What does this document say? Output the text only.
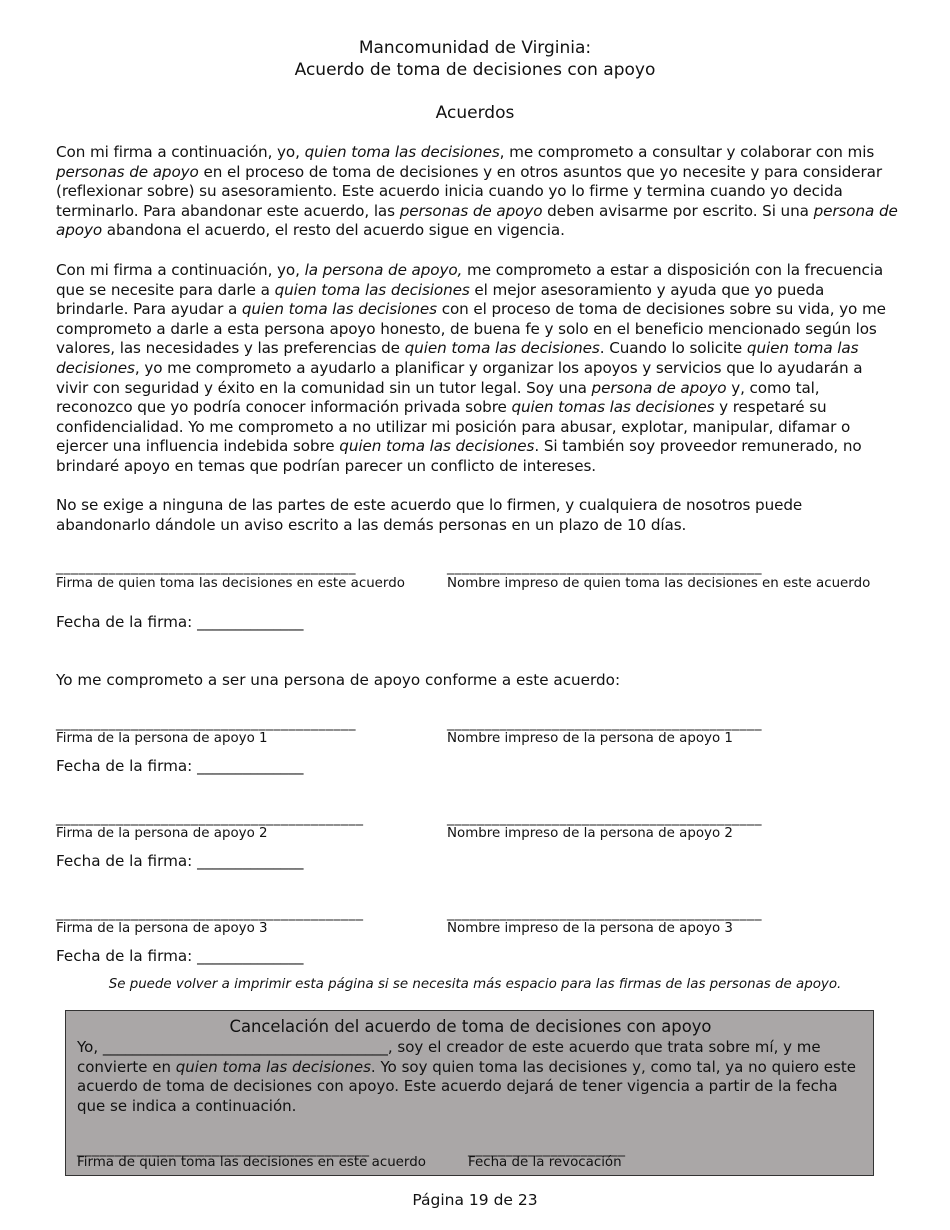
Mancomunidad de Virginia:
Acuerdo de toma de decisiones con apoyo
Acuerdos

Con mi firma a continuación, yo, quien toma las decisiones, me comprometo a consultar y colaborar con mis personas de apoyo en el proceso de toma de decisiones y en otros asuntos que yo necesite y para considerar (reflexionar sobre) su asesoramiento. Este acuerdo inicia cuando yo lo firme y termina cuando yo decida terminarlo. Para abandonar este acuerdo, las personas de apoyo deben avisarme por escrito. Si una persona de apoyo abandona el acuerdo, el resto del acuerdo sigue en vigencia.

Con mi firma a continuación, yo, la persona de apoyo, me comprometo a estar a disposición con la frecuencia que se necesite para darle a quien toma las decisiones el mejor asesoramiento y ayuda que yo pueda brindarle. Para ayudar a quien toma las decisiones con el proceso de toma de decisiones sobre su vida, yo me comprometo a darle a esta persona apoyo honesto, de buena fe y solo en el beneficio mencionado según los valores, las necesidades y las preferencias de quien toma las decisiones. Cuando lo solicite quien toma las decisiones, yo me comprometo a ayudarlo a planificar y organizar los apoyos y servicios que lo ayudarán a vivir con seguridad y éxito en la comunidad sin un tutor legal. Soy una persona de apoyo y, como tal, reconozco que yo podría conocer información privada sobre quien tomas las decisiones y respetaré su confidencialidad. Yo me comprometo a no utilizar mi posición para abusar, explotar, manipular, difamar o ejercer una influencia indebida sobre quien toma las decisiones. Si también soy proveedor remunerado, no brindaré apoyo en temas que podrían parecer un conflicto de intereses.

No se exige a ninguna de las partes de este acuerdo que lo firmen, y cualquiera de nosotros puede abandonarlo dándole un aviso escrito a las demás personas en un plazo de 10 días.

________________________________________	__________________________________________
Firma de quien toma las decisiones en este acuerdo	Nombre impreso de quien toma las decisiones en este acuerdo
Fecha de la firma: ______________
Yo me comprometo a ser una persona de apoyo conforme a este acuerdo:
________________________________________	__________________________________________
Firma de la persona de apoyo 1	Nombre impreso de la persona de apoyo 1
Fecha de la firma: ______________
_________________________________________	__________________________________________
Firma de la persona de apoyo 2	Nombre impreso de la persona de apoyo 2
Fecha de la firma: ______________
_________________________________________	__________________________________________
Firma de la persona de apoyo 3	Nombre impreso de la persona de apoyo 3
Fecha de la firma: ______________
Se puede volver a imprimir esta página si se necesita más espacio para las firmas de las personas de apoyo.
Cancelación del acuerdo de toma de decisiones con apoyo

Yo, ______________________________________, soy el creador de este acuerdo que trata sobre mí, y me convierte en quien toma las decisiones. Yo soy quien toma las decisiones y, como tal, ya no quiero este acuerdo de toma de decisiones con apoyo. Este acuerdo dejará de tener vigencia a partir de la fecha que se indica a continuación.

_______________________________________	_____________________
Firma de quien toma las decisiones en este acuerdo	Fecha de la revocación
Página 19 de 23
